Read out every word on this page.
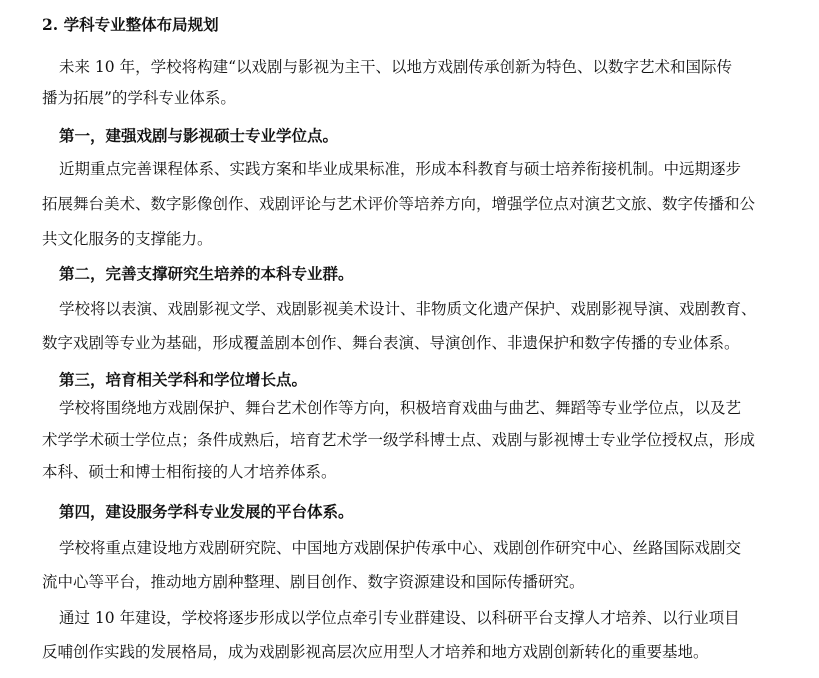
2. 学科专业整体布局规划
未来 10 年，学校将构建“以戏剧与影视为主干、以地方戏剧传承创新为特色、以数字艺术和国际传
播为拓展”的学科专业体系。
第一，建强戏剧与影视硕士专业学位点。
近期重点完善课程体系、实践方案和毕业成果标准，形成本科教育与硕士培养衔接机制。中远期逐步
拓展舞台美术、数字影像创作、戏剧评论与艺术评价等培养方向，增强学位点对演艺文旅、数字传播和公
共文化服务的支撑能力。
第二，完善支撑研究生培养的本科专业群。
学校将以表演、戏剧影视文学、戏剧影视美术设计、非物质文化遗产保护、戏剧影视导演、戏剧教育、
数字戏剧等专业为基础，形成覆盖剧本创作、舞台表演、导演创作、非遗保护和数字传播的专业体系。
第三，培育相关学科和学位增长点。
学校将围绕地方戏剧保护、舞台艺术创作等方向，积极培育戏曲与曲艺、舞蹈等专业学位点，以及艺
术学学术硕士学位点；条件成熟后，培育艺术学一级学科博士点、戏剧与影视博士专业学位授权点，形成
本科、硕士和博士相衔接的人才培养体系。
第四，建设服务学科专业发展的平台体系。
学校将重点建设地方戏剧研究院、中国地方戏剧保护传承中心、戏剧创作研究中心、丝路国际戏剧交
流中心等平台，推动地方剧种整理、剧目创作、数字资源建设和国际传播研究。
通过 10 年建设，学校将逐步形成以学位点牵引专业群建设、以科研平台支撑人才培养、以行业项目
反哺创作实践的发展格局，成为戏剧影视高层次应用型人才培养和地方戏剧创新转化的重要基地。
